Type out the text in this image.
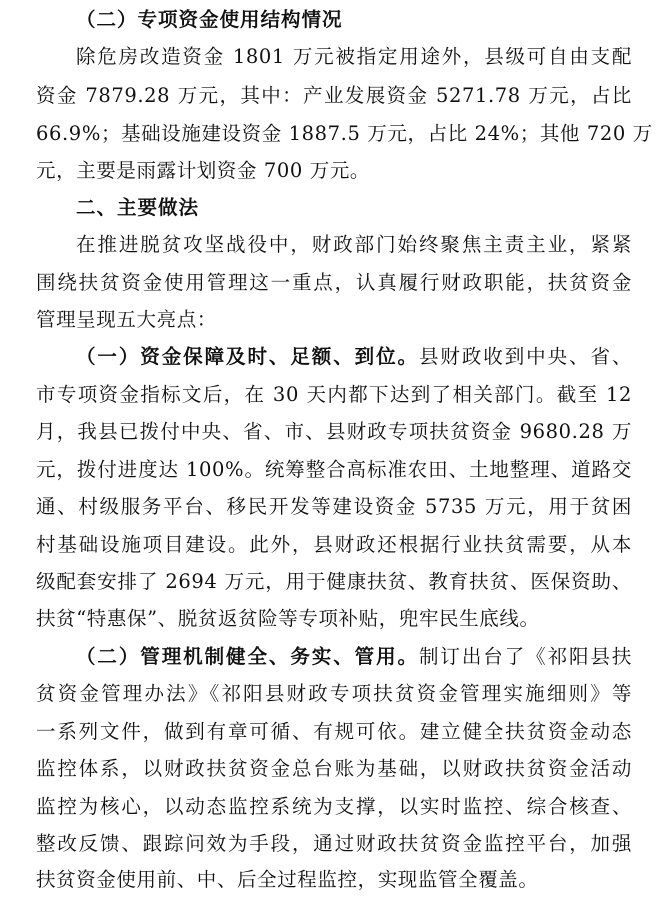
（二）专项资金使用结构情况
除危房改造资金 1801 万元被指定用途外，县级可自由支配
资金 7879.28 万元，其中：产业发展资金 5271.78 万元，占比
66.9%；基础设施建设资金 1887.5 万元，占比 24%；其他 720 万
元，主要是雨露计划资金 700 万元。
二、主要做法
在推进脱贫攻坚战役中，财政部门始终聚焦主责主业，紧紧
围绕扶贫资金使用管理这一重点，认真履行财政职能，扶贫资金
管理呈现五大亮点：
（一）资金保障及时、足额、到位。县财政收到中央、省、
市专项资金指标文后，在 30 天内都下达到了相关部门。截至 12
月，我县已拨付中央、省、市、县财政专项扶贫资金 9680.28 万
元，拨付进度达 100%。统筹整合高标准农田、土地整理、道路交
通、村级服务平台、移民开发等建设资金 5735 万元，用于贫困
村基础设施项目建设。此外，县财政还根据行业扶贫需要，从本
级配套安排了 2694 万元，用于健康扶贫、教育扶贫、医保资助、
扶贫“特惠保”、脱贫返贫险等专项补贴，兜牢民生底线。
（二）管理机制健全、务实、管用。制订出台了《祁阳县扶
贫资金管理办法》《祁阳县财政专项扶贫资金管理实施细则》等
一系列文件，做到有章可循、有规可依。建立健全扶贫资金动态
监控体系，以财政扶贫资金总台账为基础，以财政扶贫资金活动
监控为核心，以动态监控系统为支撑，以实时监控、综合核查、
整改反馈、跟踪问效为手段，通过财政扶贫资金监控平台，加强
扶贫资金使用前、中、后全过程监控，实现监管全覆盖。
